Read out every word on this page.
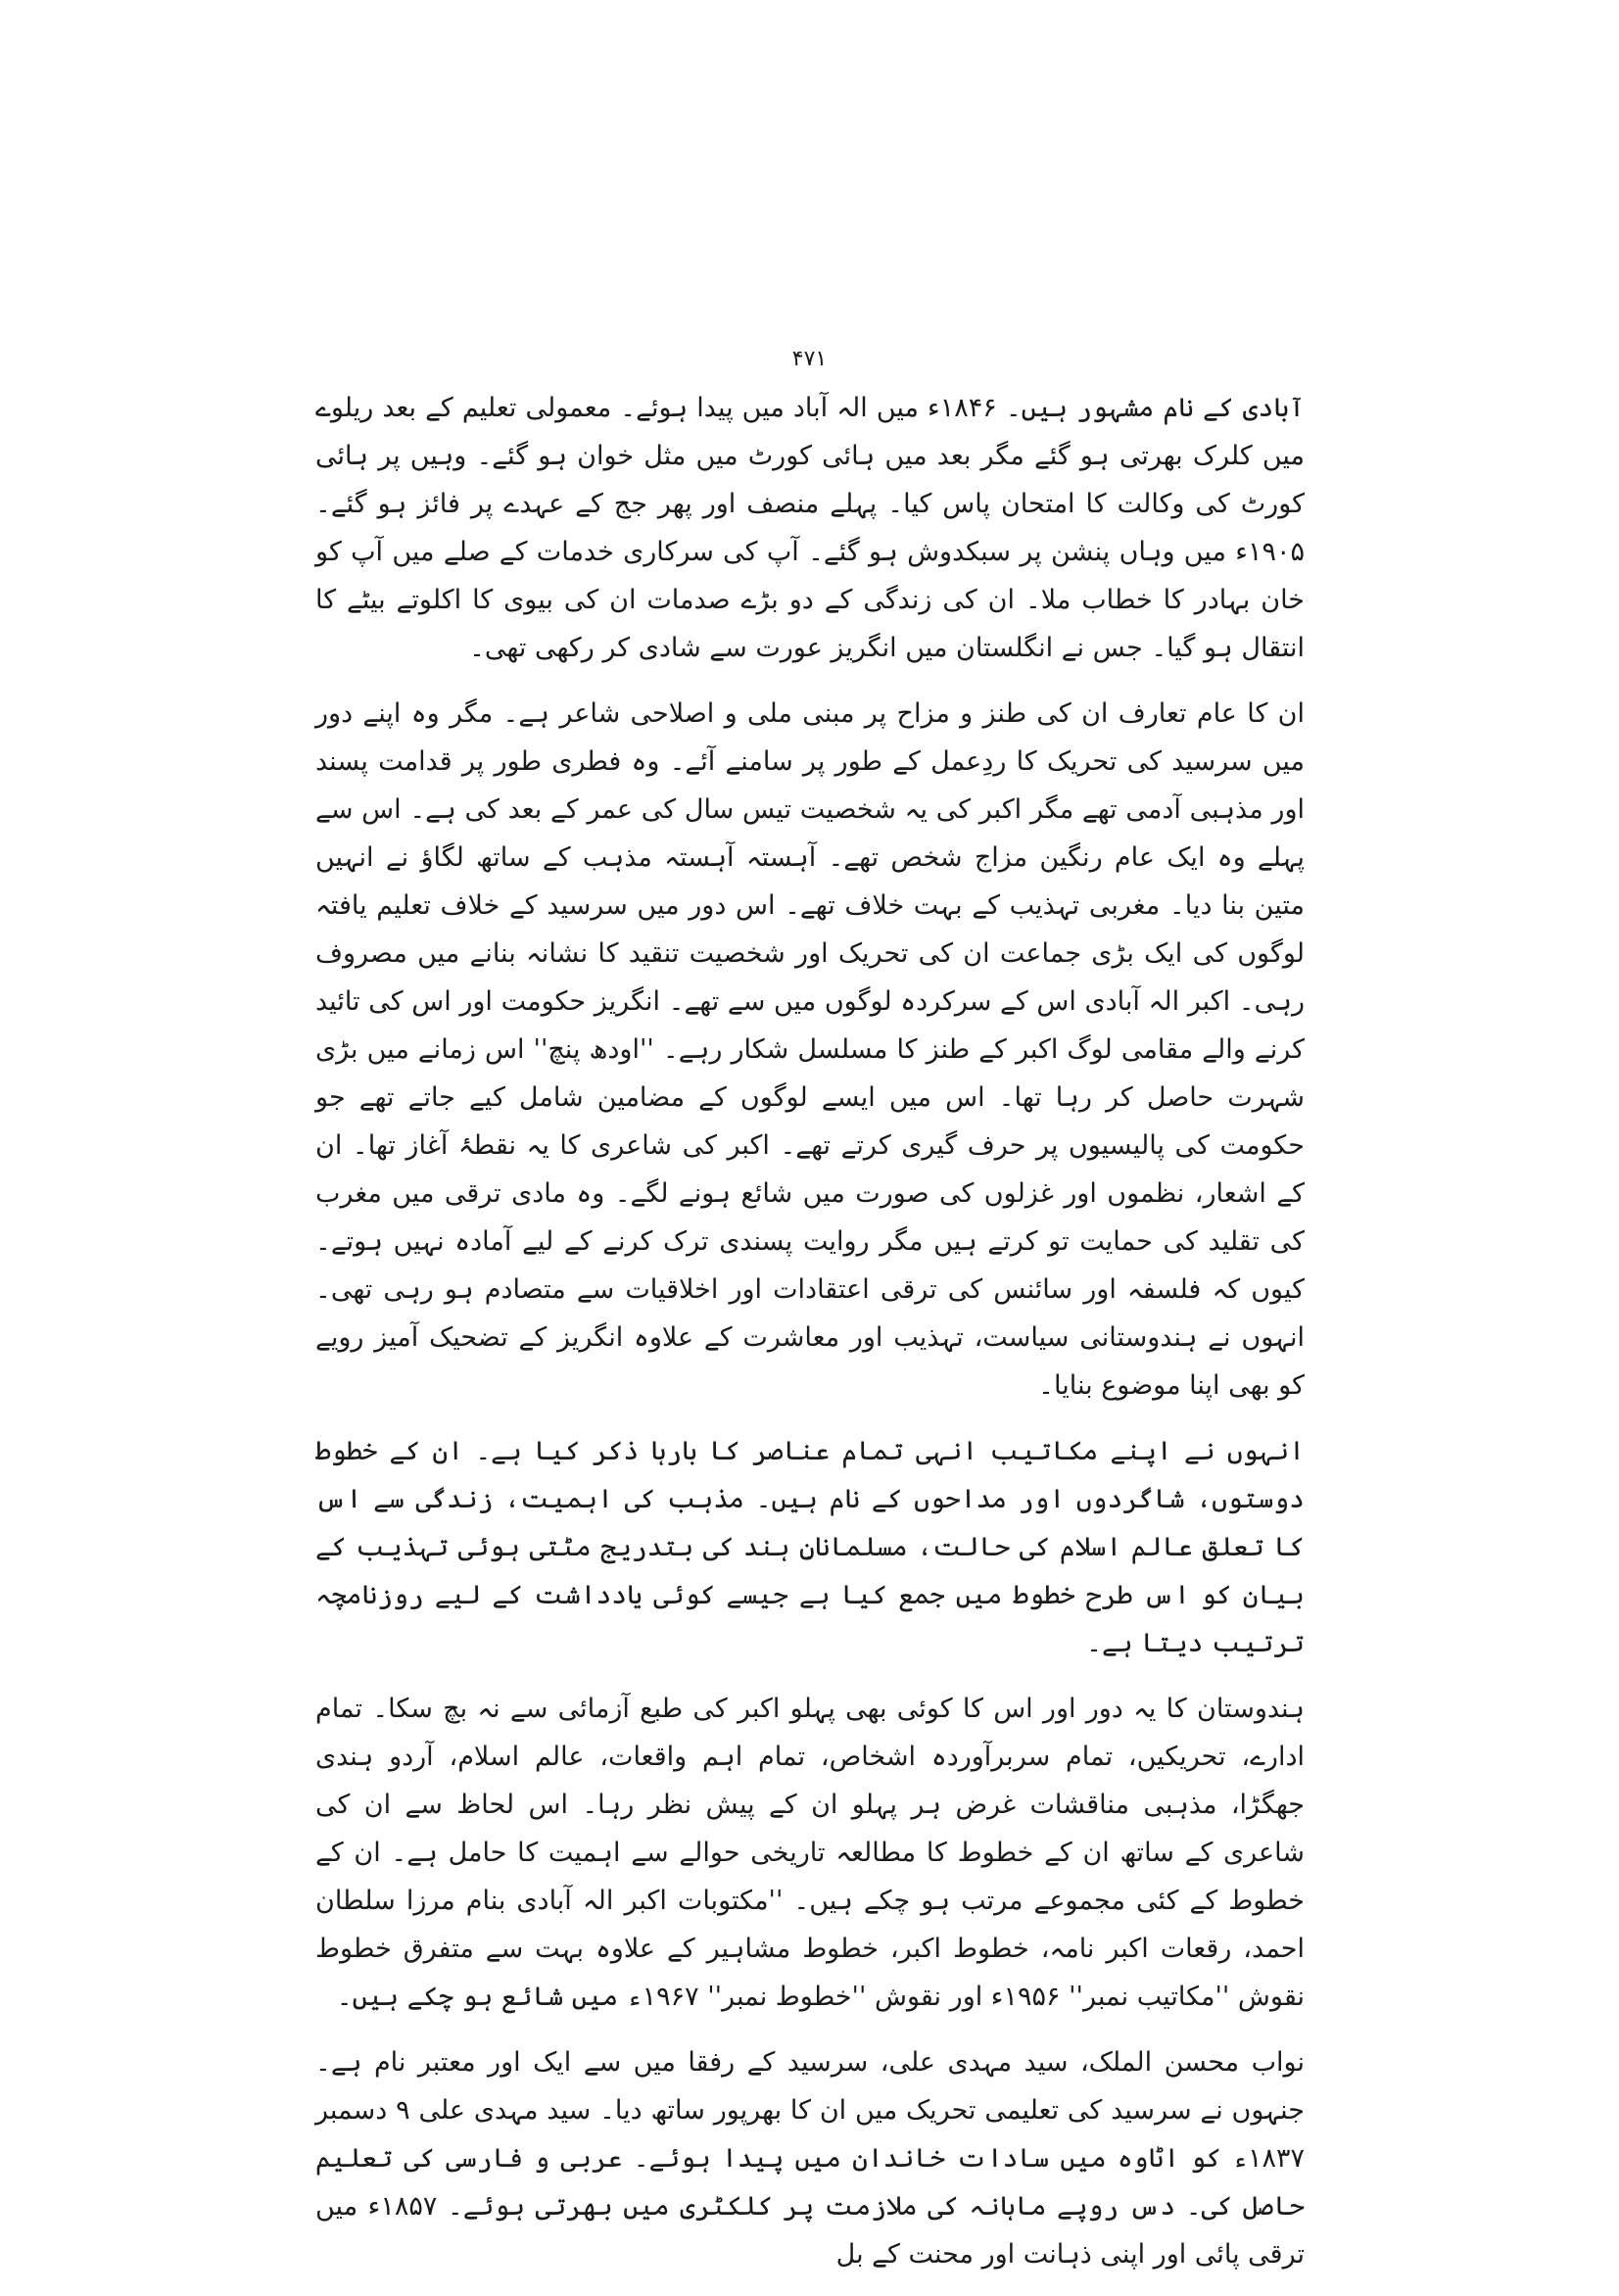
۴۷۱

آبادی کے نام مشہور ہیں۔ ۱۸۴۶ء میں الہ آباد میں پیدا ہوئے۔ معمولی تعلیم کے بعد ریلوے میں کلرک بھرتی ہو گئے مگر بعد میں ہائی کورٹ میں مثل خوان ہو گئے۔ وہیں پر ہائی کورٹ کی وکالت کا امتحان پاس کیا۔ پہلے منصف اور پھر جج کے عہدے پر فائز ہو گئے۔ ۱۹۰۵ء میں وہاں پنشن پر سبکدوش ہو گئے۔ آپ کی سرکاری خدمات کے صلے میں آپ کو خان بہادر کا خطاب ملا۔ ان کی زندگی کے دو بڑے صدمات ان کی بیوی کا اکلوتے بیٹے کا انتقال ہو گیا۔ جس نے انگلستان میں انگریز عورت سے شادی کر رکھی تھی۔

ان کا عام تعارف ان کی طنز و مزاح پر مبنی ملی و اصلاحی شاعر ہے۔ مگر وہ اپنے دور میں سرسید کی تحریک کا ردِعمل کے طور پر سامنے آئے۔ وہ فطری طور پر قدامت پسند اور مذہبی آدمی تھے مگر اکبر کی یہ شخصیت تیس سال کی عمر کے بعد کی ہے۔ اس سے پہلے وہ ایک عام رنگین مزاج شخص تھے۔ آہستہ آہستہ مذہب کے ساتھ لگاؤ نے انہیں متین بنا دیا۔ مغربی تہذیب کے بہت خلاف تھے۔ اس دور میں سرسید کے خلاف تعلیم یافتہ لوگوں کی ایک بڑی جماعت ان کی تحریک اور شخصیت تنقید کا نشانہ بنانے میں مصروف رہی۔ اکبر الہ آبادی اس کے سرکردہ لوگوں میں سے تھے۔ انگریز حکومت اور اس کی تائید کرنے والے مقامی لوگ اکبر کے طنز کا مسلسل شکار رہے۔ ''اودھ پنچ'' اس زمانے میں بڑی شہرت حاصل کر رہا تھا۔ اس میں ایسے لوگوں کے مضامین شامل کیے جاتے تھے جو حکومت کی پالیسیوں پر حرف گیری کرتے تھے۔ اکبر کی شاعری کا یہ نقطۂ آغاز تھا۔ ان کے اشعار، نظموں اور غزلوں کی صورت میں شائع ہونے لگے۔ وہ مادی ترقی میں مغرب کی تقلید کی حمایت تو کرتے ہیں مگر روایت پسندی ترک کرنے کے لیے آمادہ نہیں ہوتے۔ کیوں کہ فلسفہ اور سائنس کی ترقی اعتقادات اور اخلاقیات سے متصادم ہو رہی تھی۔ انہوں نے ہندوستانی سیاست، تہذیب اور معاشرت کے علاوہ انگریز کے تضحیک آمیز رویے کو بھی اپنا موضوع بنایا۔

انہوں نے اپنے مکاتیب انہی تمام عناصر کا بارہا ذکر کیا ہے۔ ان کے خطوط دوستوں، شاگردوں اور مداحوں کے نام ہیں۔ مذہب کی اہمیت، زندگی سے اس کا تعلق عالم اسلام کی حالت، مسلمانانِ ہند کی بتدریج مٹتی ہوئی تہذیب کے بیان کو اس طرح خطوط میں جمع کیا ہے جیسے کوئی یادداشت کے لیے روزنامچہ ترتیب دیتا ہے۔

ہندوستان کا یہ دور اور اس کا کوئی بھی پہلو اکبر کی طبع آزمائی سے نہ بچ سکا۔ تمام ادارے، تحریکیں، تمام سربرآوردہ اشخاص، تمام اہم واقعات، عالم اسلام، آردو ہندی جھگڑا، مذہبی مناقشات غرض ہر پہلو ان کے پیش نظر رہا۔ اس لحاظ سے ان کی شاعری کے ساتھ ان کے خطوط کا مطالعہ تاریخی حوالے سے اہمیت کا حامل ہے۔ ان کے خطوط کے کئی مجموعے مرتب ہو چکے ہیں۔ ''مکتوبات اکبر الہ آبادی بنام مرزا سلطان احمد، رقعات اکبر نامہ، خطوط اکبر، خطوط مشاہیر کے علاوہ بہت سے متفرق خطوط نقوش ''مکاتیب نمبر'' ۱۹۵۶ء اور نقوش ''خطوط نمبر'' ۱۹۶۷ء میں شائع ہو چکے ہیں۔

نواب محسن الملک، سید مہدی علی، سرسید کے رفقا میں سے ایک اور معتبر نام ہے۔ جنہوں نے سرسید کی تعلیمی تحریک میں ان کا بھرپور ساتھ دیا۔ سید مہدی علی ۹ دسمبر ۱۸۳۷ء کو اٹاوہ میں سادات خاندان میں پیدا ہوئے۔ عربی و فارسی کی تعلیم حاصل کی۔ دس روپے ماہانہ کی ملازمت پر کلکٹری میں بھرتی ہوئے۔ ۱۸۵۷ء میں ترقی پائی اور اپنی ذہانت اور محنت کے بل
